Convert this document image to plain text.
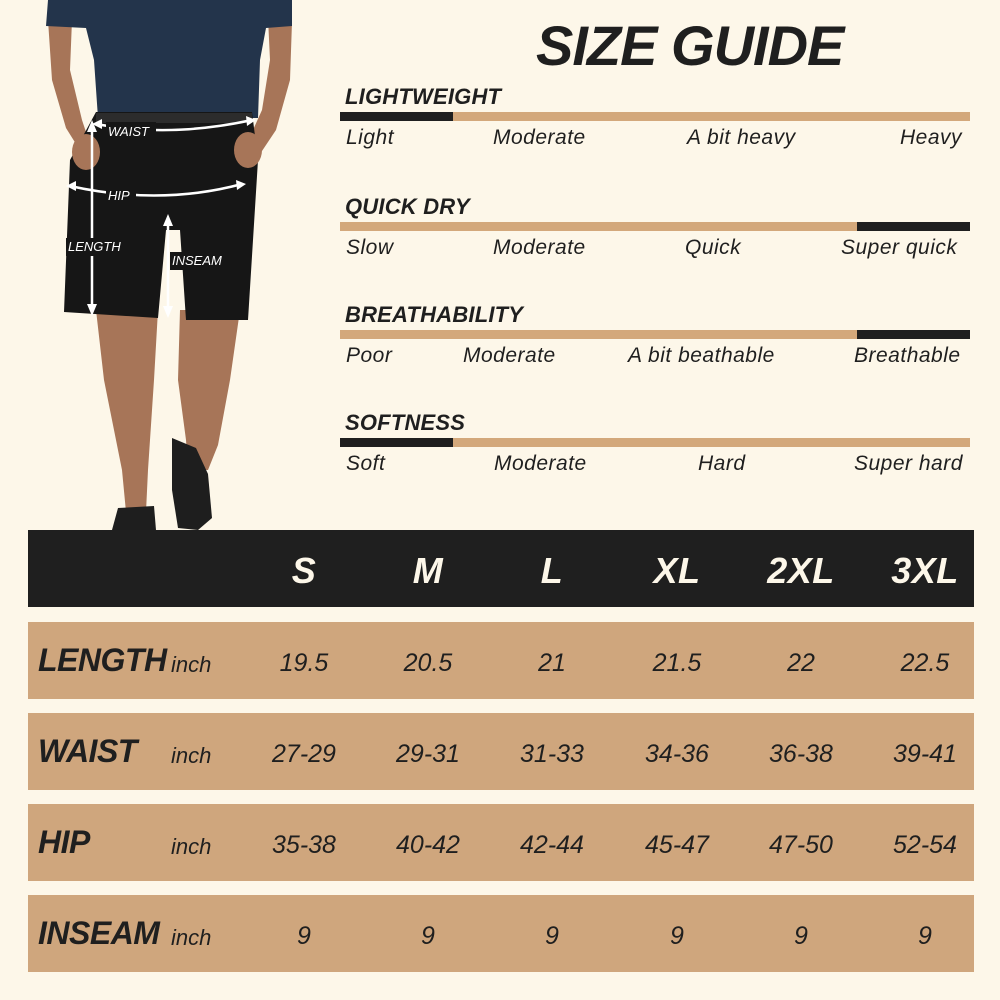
WAIST
HIP
LENGTH
INSEAM
SIZE GUIDE
LIGHTWEIGHT
Light	Moderate	A bit heavy	Heavy
QUICK DRY
Slow	Moderate	Quick	Super quick
BREATHABILITY
Poor	Moderate	A bit beathable	Breathable
SOFTNESS
Soft	Moderate	Hard	Super hard
S	M	L	XL	2XL	3XL
LENGTH inch	19.5	20.5	21	21.5	22	22.5
WAIST inch	27-29	29-31	31-33	34-36	36-38	39-41
HIP	inch	35-38	40-42	42-44	45-47	47-50	52-54
INSEAM inch	9	9	9	9	9	9
